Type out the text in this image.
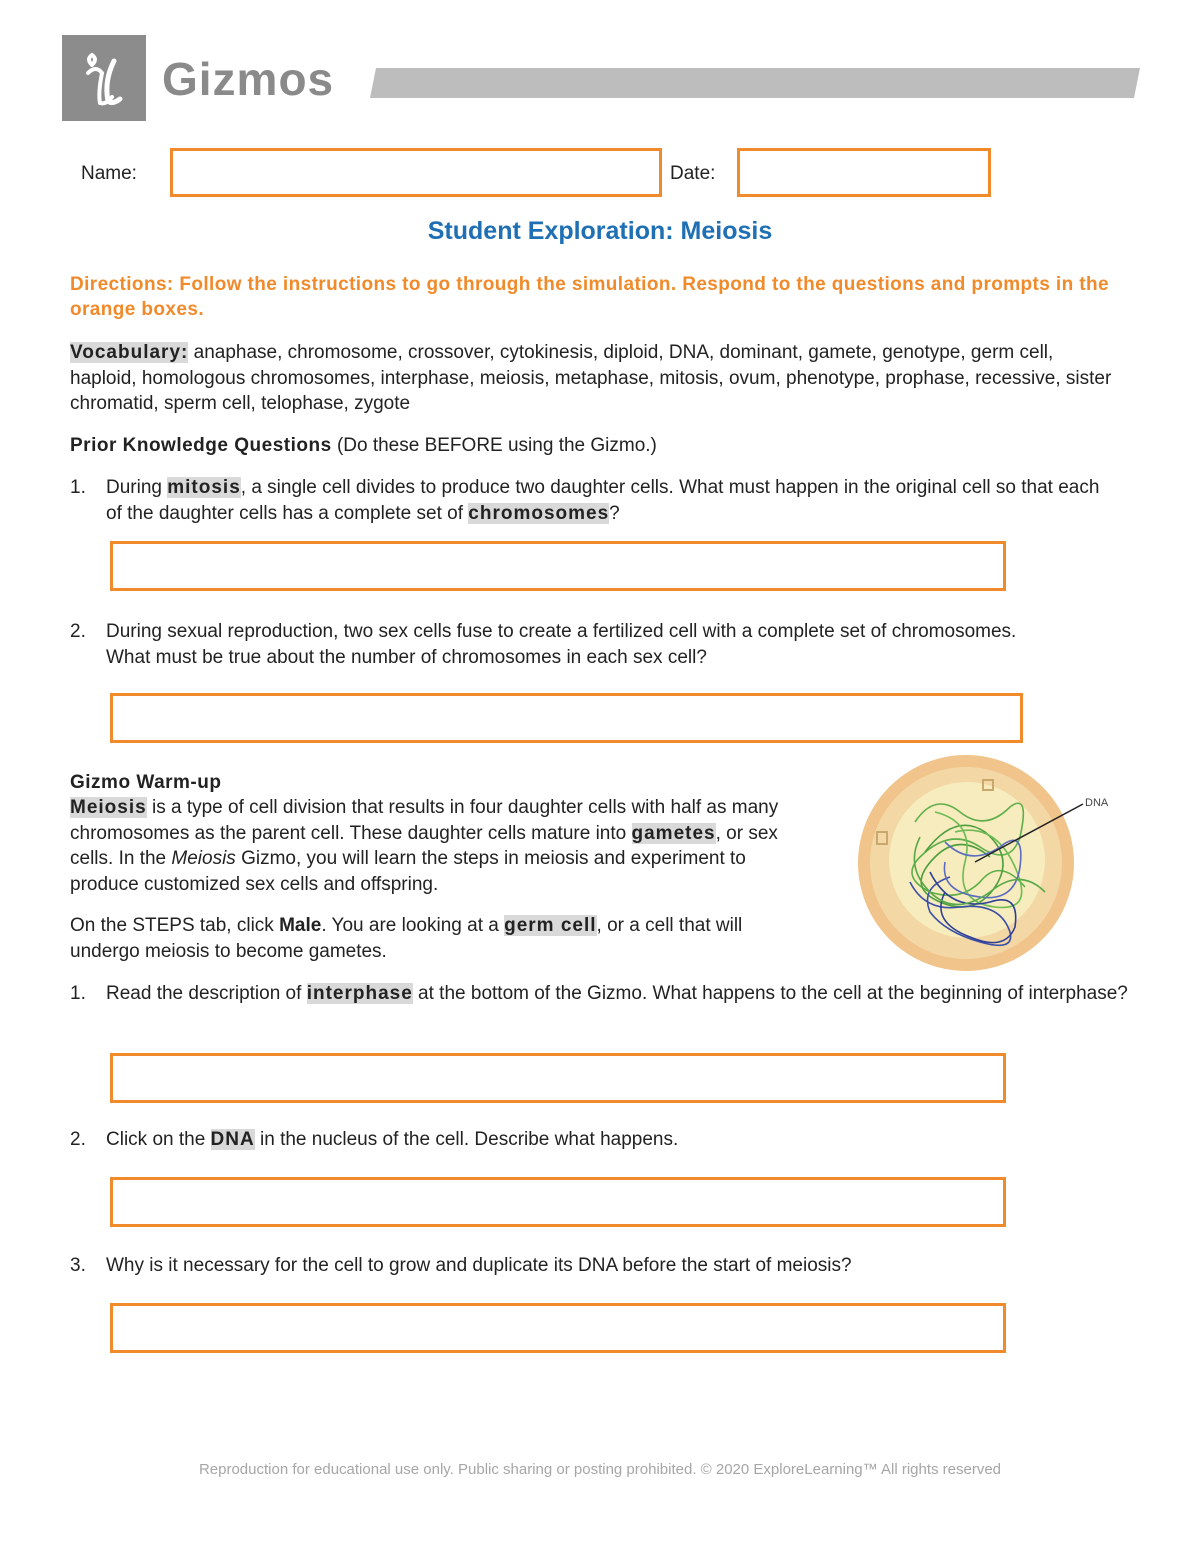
Gizmos
Name:	Date:
Student Exploration: Meiosis
Directions: Follow the instructions to go through the simulation. Respond to the questions and prompts in the orange boxes.
Vocabulary: anaphase, chromosome, crossover, cytokinesis, diploid, DNA, dominant, gamete, genotype, germ cell, haploid, homologous chromosomes, interphase, meiosis, metaphase, mitosis, ovum, phenotype, prophase, recessive, sister chromatid, sperm cell, telophase, zygote
Prior Knowledge Questions (Do these BEFORE using the Gizmo.)
1.	During mitosis, a single cell divides to produce two daughter cells. What must happen in the original cell so that each of the daughter cells has a complete set of chromosomes?
2.	During sexual reproduction, two sex cells fuse to create a fertilized cell with a complete set of chromosomes. What must be true about the number of chromosomes in each sex cell?
Gizmo Warm-up
Meiosis is a type of cell division that results in four daughter cells with half as many chromosomes as the parent cell. These daughter cells mature into gametes, or sex cells. In the Meiosis Gizmo, you will learn the steps in meiosis and experiment to produce customized sex cells and offspring.
On the STEPS tab, click Male. You are looking at a germ cell, or a cell that will undergo meiosis to become gametes.
DNA
1.	Read the description of interphase at the bottom of the Gizmo. What happens to the cell at the beginning of interphase?
2.	Click on the DNA in the nucleus of the cell. Describe what happens.
3.	Why is it necessary for the cell to grow and duplicate its DNA before the start of meiosis?
Reproduction for educational use only. Public sharing or posting prohibited. © 2020 ExploreLearning™ All rights reserved
